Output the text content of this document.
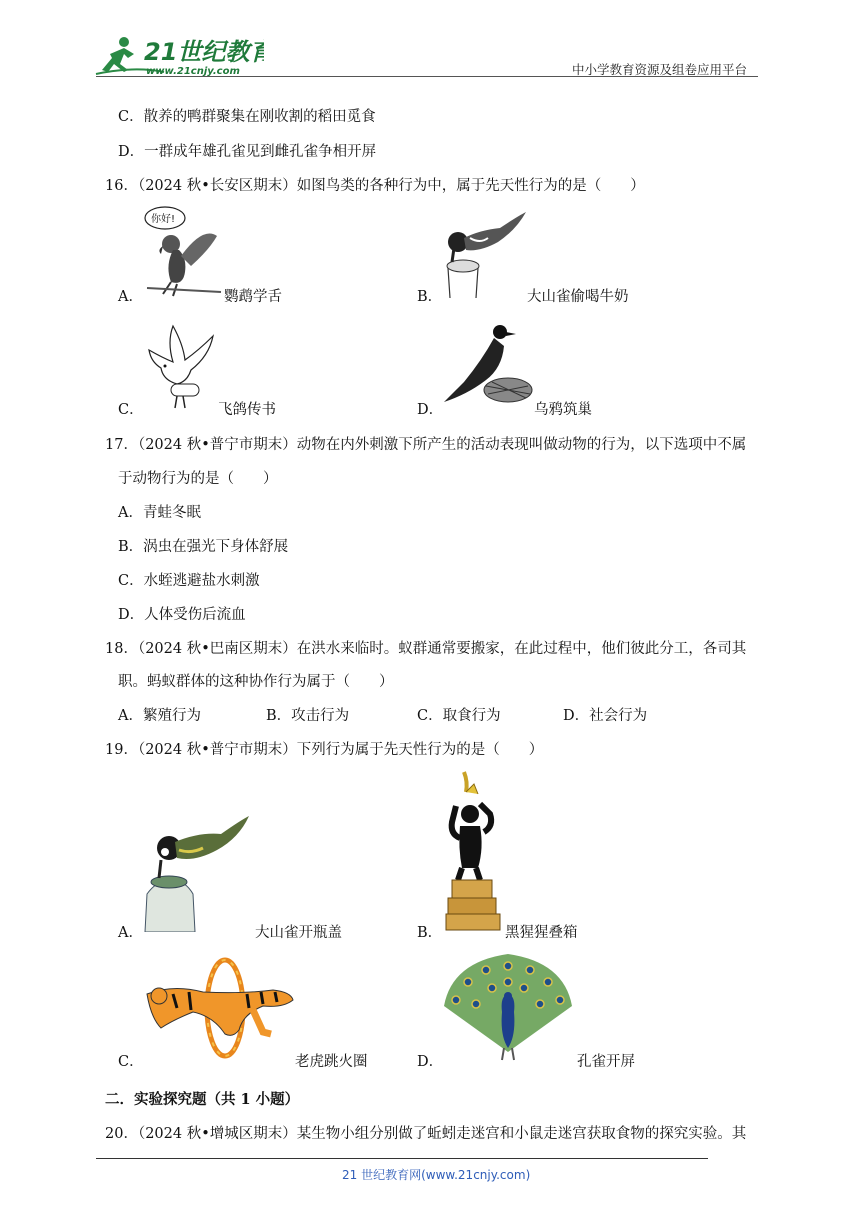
21世纪教育
www.21cnjy.com	中小学教育资源及组卷应用平台
C．散养的鸭群聚集在刚收割的稻田觅食
D．一群成年雄孔雀见到雌孔雀争相开屏
16．（2024 秋•长安区期末）如图鸟类的各种行为中，属于先天性行为的是（　　）
你好!
A．	鹦鹉学舌	B．	大山雀偷喝牛奶
C．	飞鸽传书	D．	乌鸦筑巢
17．（2024 秋•普宁市期末）动物在内外刺激下所产生的活动表现叫做动物的行为，以下选项中不属
于动物行为的是（　　）
A．青蛙冬眠
B．涡虫在强光下身体舒展
C．水蛭逃避盐水刺激
D．人体受伤后流血
18．（2024 秋•巴南区期末）在洪水来临时。蚁群通常要搬家，在此过程中，他们彼此分工，各司其
职。蚂蚁群体的这种协作行为属于（　　）
A．繁殖行为	B．攻击行为	C．取食行为	D．社会行为
19．（2024 秋•普宁市期末）下列行为属于先天性行为的是（　　）
A．	大山雀开瓶盖	B．	黑猩猩叠箱
C．	老虎跳火圈	D．	孔雀开屏
二．实验探究题（共 1 小题）
20．（2024 秋•增城区期末）某生物小组分别做了蚯蚓走迷宫和小鼠走迷宫获取食物的探究实验。其
21 世纪教育网(www.21cnjy.com)
